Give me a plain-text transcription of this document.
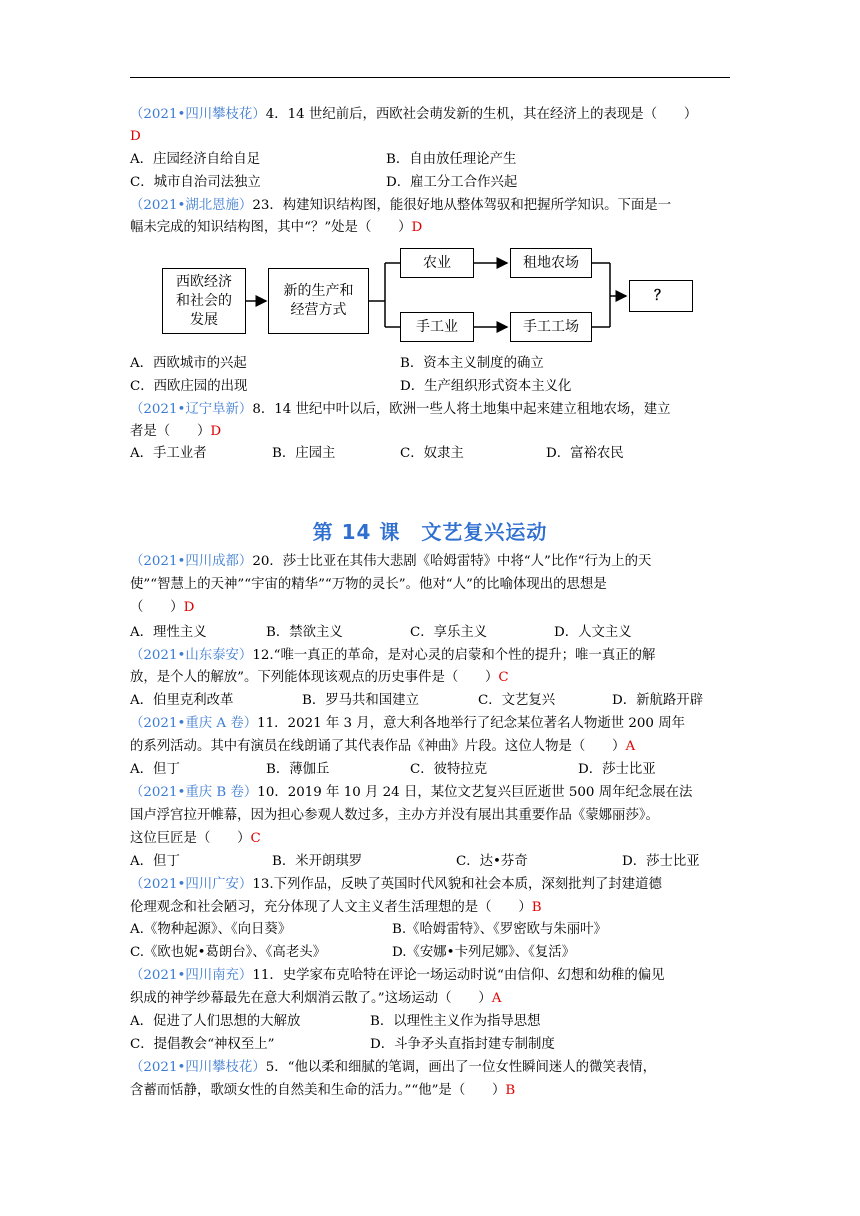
（2021•四川攀枝花）4．14 世纪前后，西欧社会萌发新的生机，其在经济上的表现是（　　）
D
A．庄园经济自给自足	B．自由放任理论产生
C．城市自治司法独立	D．雇工分工合作兴起
（2021•湖北恩施）23．构建知识结构图，能很好地从整体驾驭和把握所学知识。下面是一
幅未完成的知识结构图，其中“？”处是（　　）D
西欧经济
和社会的
发展
新的生产和
经营方式
农业	租地农场
手工业	手工工场
？
A．西欧城市的兴起	B．资本主义制度的确立
C．西欧庄园的出现	D．生产组织形式资本主义化
（2021•辽宁阜新）8．14 世纪中叶以后，欧洲一些人将土地集中起来建立租地农场，建立
者是（　　）D
A．手工业者	B．庄园主	C．奴隶主	D．富裕农民
第 14 课　文艺复兴运动
（2021•四川成都）20．莎士比亚在其伟大悲剧《哈姆雷特》中将“人”比作“行为上的天
使”“智慧上的天神”“宇宙的精华”“万物的灵长”。他对“人”的比喻体现出的思想是
（　　）D
A．理性主义	B．禁欲主义	C．享乐主义	D．人文主义
（2021•山东泰安）12.“唯一真正的革命，是对心灵的启蒙和个性的提升；唯一真正的解
放，是个人的解放”。下列能体现该观点的历史事件是（　　）C
A．伯里克利改革	B．罗马共和国建立	C．文艺复兴	D．新航路开辟
（2021•重庆 A 卷）11．2021 年 3 月，意大利各地举行了纪念某位著名人物逝世 200 周年
的系列活动。其中有演员在线朗诵了其代表作品《神曲》片段。这位人物是（　　）A
A．但丁	B．薄伽丘	C．彼特拉克	D．莎士比亚
（2021•重庆 B 卷）10．2019 年 10 月 24 日，某位文艺复兴巨匠逝世 500 周年纪念展在法
国卢浮宫拉开帷幕，因为担心参观人数过多，主办方并没有展出其重要作品《蒙娜丽莎》。
这位巨匠是（　　）C
A．但丁	B．米开朗琪罗	C．达•芬奇	D．莎士比亚
（2021•四川广安）13.下列作品，反映了英国时代风貌和社会本质，深刻批判了封建道德
伦理观念和社会陋习，充分体现了人文主义者生活理想的是（　　）B
A.《物种起源》、《向日葵》	B.《哈姆雷特》、《罗密欧与朱丽叶》
C.《欧也妮•葛朗台》、《高老头》	D.《安娜•卡列尼娜》、《复活》
（2021•四川南充）11．史学家布克哈特在评论一场运动时说“由信仰、幻想和幼稚的偏见
织成的神学纱幕最先在意大利烟消云散了。”这场运动（　　）A
A．促进了人们思想的大解放	B．以理性主义作为指导思想
C．提倡教会“神权至上”	D．斗争矛头直指封建专制制度
（2021•四川攀枝花）5．“他以柔和细腻的笔调，画出了一位女性瞬间迷人的微笑表情，
含蓄而恬静，歌颂女性的自然美和生命的活力。”“他”是（　　）B
